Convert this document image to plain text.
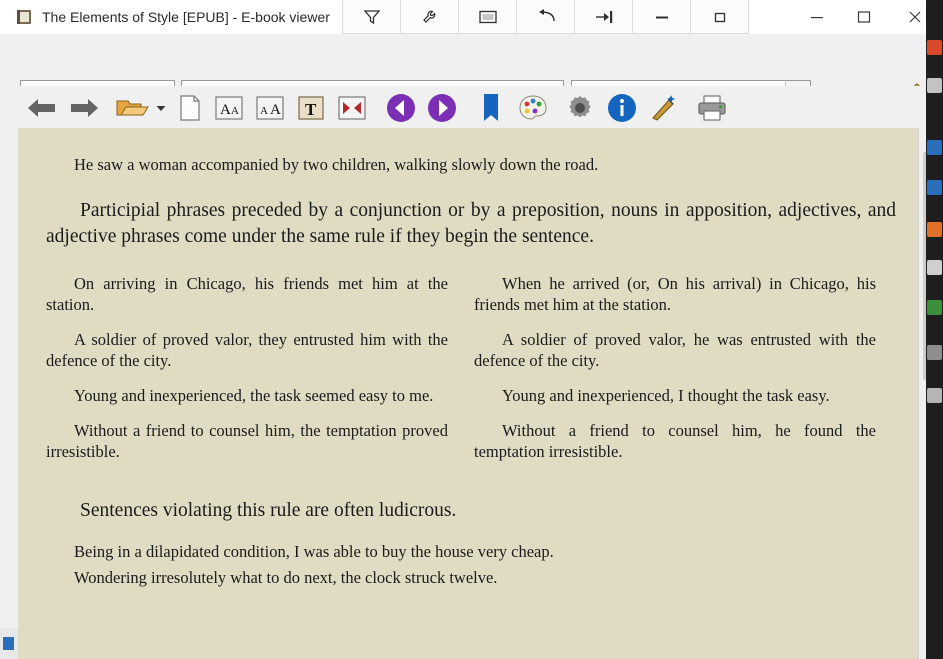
The Elements of Style [EPUB] - E-book viewer
21.3 / 105
Go to a reference number...
Search
A A A A T

He saw a woman accompanied by two children, walking slowly down the road.

Participial phrases preceded by a conjunction or by a preposition, nouns in apposition, adjectives, and adjective phrases come under the same rule if they begin the sentence.

On arriving in Chicago, his friends met him at the station.

A soldier of proved valor, they entrusted him with the defence of the city.

Young and inexperienced, the task seemed easy to me.

Without a friend to counsel him, the temptation proved irresistible.

When he arrived (or, On his arrival) in Chicago, his friends met him at the station.

A soldier of proved valor, he was entrusted with the defence of the city.

Young and inexperienced, I thought the task easy.

Without a friend to counsel him, he found the temptation irresistible.

Sentences violating this rule are often ludicrous.

Being in a dilapidated condition, I was able to buy the house very cheap.

Wondering irresolutely what to do next, the clock struck twelve.
